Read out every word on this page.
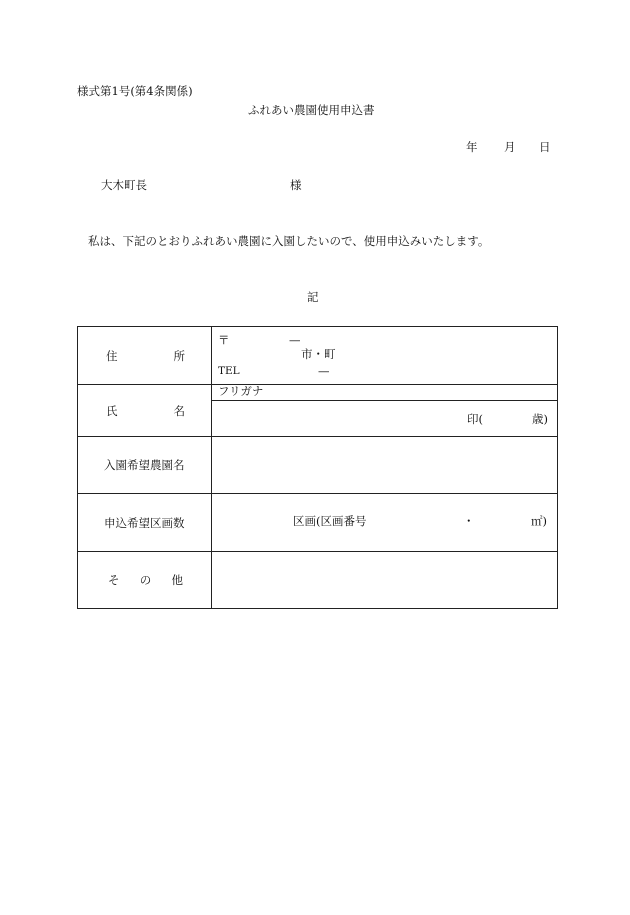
様式第1号(第4条関係)
ふれあい農園使用申込書
年 月 日
大木町長	様
私は、下記のとおりふれあい農園に入園したいので、使用申込みいたします。
記
住 所	〒 —
市・町
TEL —

氏 名	フリガナ

	印( 歳)

入園希望農園名	

申込希望区画数	区画(区画番号 ・ ㎡)

そ の 他	
